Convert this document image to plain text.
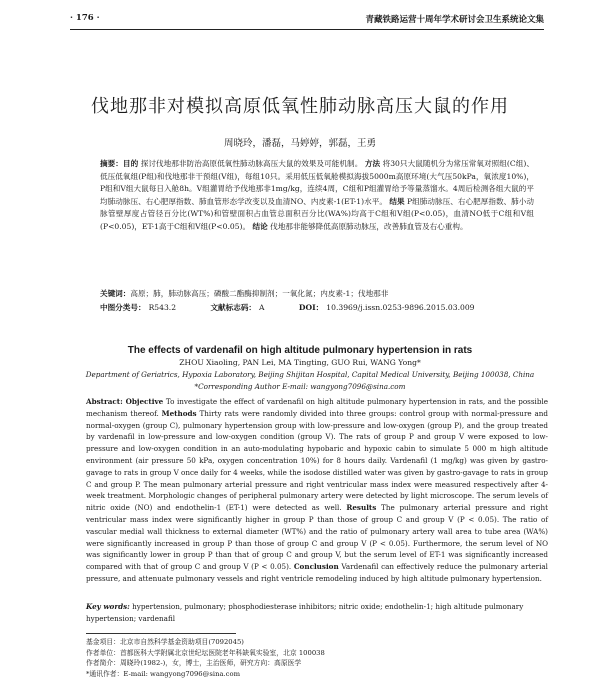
· 176 ·	青藏铁路运营十周年学术研讨会卫生系统论文集
伐地那非对模拟高原低氧性肺动脉高压大鼠的作用
周晓玲，潘磊，马婷婷，郭磊，王勇
摘要：目的 探讨伐地那非防治高原低氧性肺动脉高压大鼠的效果及可能机制。 方法 将30只大鼠随机分为常压常氧对照组(C组)、低压低氧组(P组)和伐地那非干预组(V组)，每组10只。采用低压低氧舱模拟海拔5000m高原环境(大气压50kPa，氧浓度10%)，P组和V组大鼠每日入舱8h。V组灌胃给予伐地那非1mg/kg，连续4周，C组和P组灌胃给予等量蒸馏水。4周后检测各组大鼠的平均肺动脉压、右心肥厚指数、肺血管形态学改变以及血清NO、内皮素-1(ET-1)水平。 结果 P组肺动脉压、右心肥厚指数、肺小动脉管壁厚度占管径百分比(WT%)和管壁面积占血管总面积百分比(WA%)均高于C组和V组(P<0.05)，血清NO低于C组和V组(P<0.05)，ET-1高于C组和V组(P<0.05)。 结论 伐地那非能够降低高原肺动脉压，改善肺血管及右心重构。
关键词：高原；肺，肺动脉高压；磷酸二酯酶抑制剂；一氧化氮；内皮素-1；伐地那非
中图分类号： R543.2	文献标志码： A	DOI： 10.3969/j.issn.0253-9896.2015.03.009
The effects of vardenafil on high altitude pulmonary hypertension in rats
ZHOU Xiaoling, PAN Lei, MA Tingting, GUO Rui, WANG Yong*
Department of Geriatrics, Hypoxia Laboratory, Beijing Shijitan Hospital, Capital Medical University, Beijing 100038, China
*Corresponding Author E-mail: wangyong7096@sina.com
Abstract: Objective To investigate the effect of vardenafil on high altitude pulmonary hypertension in rats, and the possible mechanism thereof. Methods Thirty rats were randomly divided into three groups: control group with normal-pressure and normal-oxygen (group C), pulmonary hypertension group with low-pressure and low-oxygen (group P), and the group treated by vardenafil in low-pressure and low-oxygen condition (group V). The rats of group P and group V were exposed to low-pressure and low-oxygen condition in an auto-modulating hypobaric and hypoxic cabin to simulate 5 000 m high altitude environment (air pressure 50 kPa, oxygen concentration 10%) for 8 hours daily. Vardenafil (1 mg/kg) was given by gastro-gavage to rats in group V once daily for 4 weeks, while the isodose distilled water was given by gastro-gavage to rats in group C and group P. The mean pulmonary arterial pressure and right ventricular mass index were measured respectively after 4-week treatment. Morphologic changes of peripheral pulmonary artery were detected by light microscope. The serum levels of nitric oxide (NO) and endothelin-1 (ET-1) were detected as well. Results The pulmonary arterial pressure and right ventricular mass index were significantly higher in group P than those of group C and group V (P < 0.05). The ratio of vascular medial wall thickness to external diameter (WT%) and the ratio of pulmonary artery wall area to tube area (WA%) were significantly increased in group P than those of group C and group V (P < 0.05). Furthermore, the serum level of NO was significantly lower in group P than that of group C and group V, but the serum level of ET-1 was significantly increased compared with that of group C and group V (P < 0.05). Conclusion Vardenafil can effectively reduce the pulmonary arterial pressure, and attenuate pulmonary vessels and right ventricle remodeling induced by high altitude pulmonary hypertension.
Key words: hypertension, pulmonary; phosphodiesterase inhibitors; nitric oxide; endothelin-1; high altitude pulmonary hypertension; vardenafil
基金项目：北京市自然科学基金资助项目(7092045)
作者单位：首都医科大学附属北京世纪坛医院老年科缺氧实验室，北京 100038
作者简介：周晓玲(1982-)，女，博士，主治医师，研究方向：高原医学
*通讯作者：E-mail: wangyong7096@sina.com
